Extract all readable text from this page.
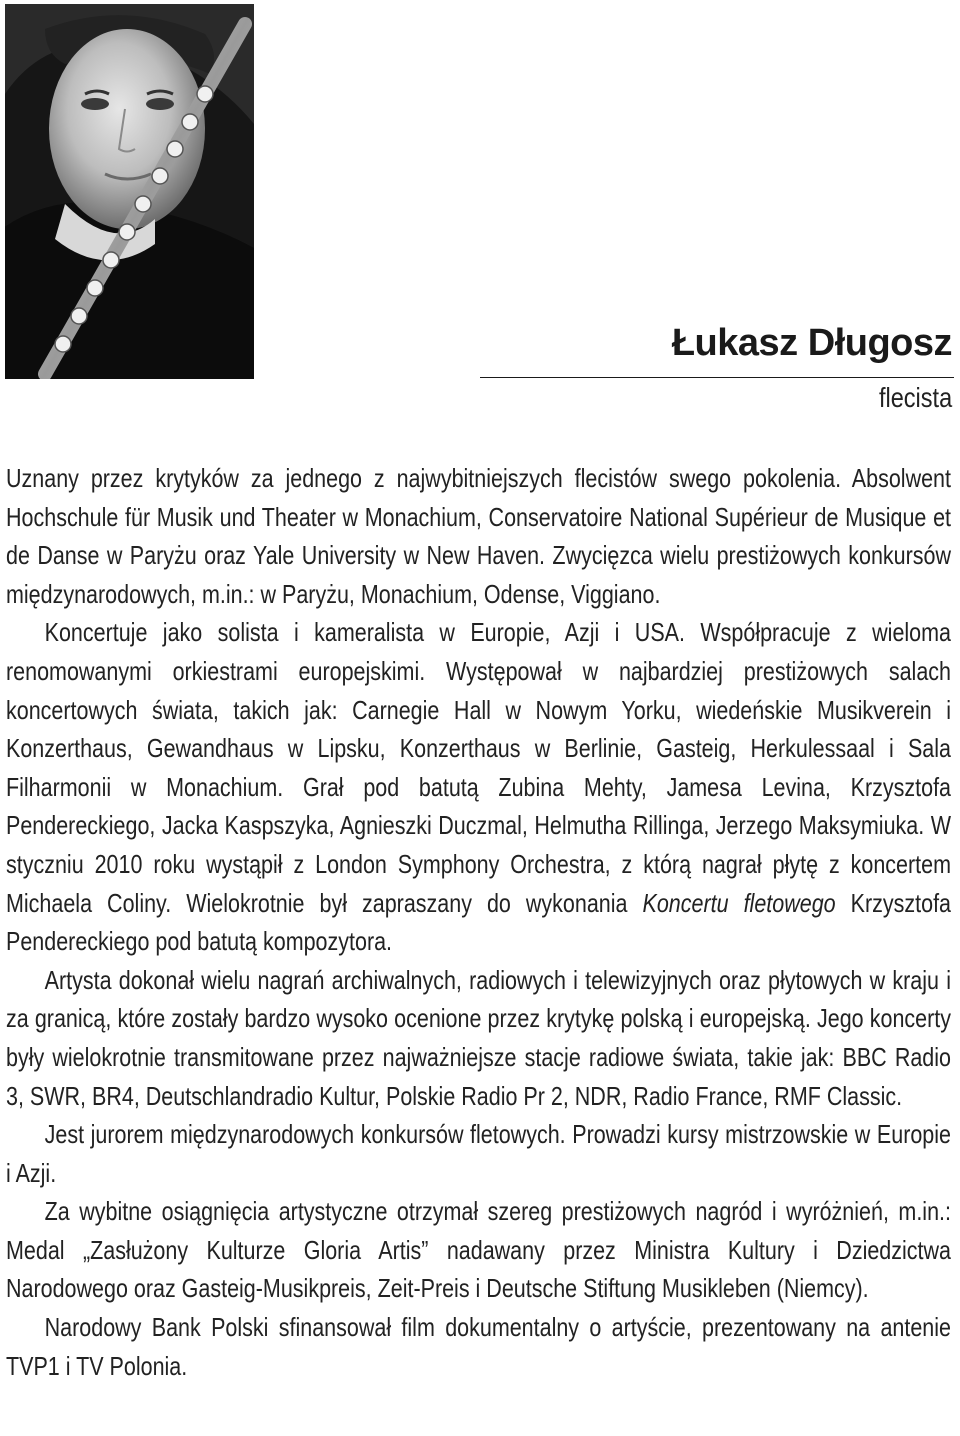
Łukasz Długosz
flecista

Uznany przez krytyków za jednego z najwybitniejszych flecistów swego pokolenia. Absolwent Hochschule für Musik und Theater w Monachium, Conservatoire National Supérieur de Musique et de Danse w Paryżu oraz Yale University w New Haven. Zwycięzca wielu prestiżowych konkursów międzynarodowych, m.in.: w Paryżu, Monachium, Odense, Viggiano.

Koncertuje jako solista i kameralista w Europie, Azji i USA. Współpracuje z wieloma renomowanymi orkiestrami europejskimi. Występował w najbardziej prestiżowych salach koncertowych świata, takich jak: Carnegie Hall w Nowym Yorku, wiedeńskie Musikverein i Konzerthaus, Gewandhaus w Lipsku, Konzerthaus w Berlinie, Gasteig, Herkulessaal i Sala Filharmonii w Monachium. Grał pod batutą Zubina Mehty, Jamesa Levina, Krzysztofa Pendereckiego, Jacka Kaspszyka, Agnieszki Duczmal, Helmutha Rillinga, Jerzego Maksymiuka. W styczniu 2010 roku wystąpił z London Symphony Orchestra, z którą nagrał płytę z koncertem Michaela Coliny. Wielokrotnie był zapraszany do wykonania Koncertu fletowego Krzysztofa Pendereckiego pod batutą kompozytora.

Artysta dokonał wielu nagrań archiwalnych, radiowych i telewizyjnych oraz płytowych w kraju i za granicą, które zostały bardzo wysoko ocenione przez krytykę polską i europejską. Jego koncerty były wielokrotnie transmitowane przez najważniejsze stacje radiowe świata, takie jak: BBC Radio 3, SWR, BR4, Deutschlandradio Kultur, Polskie Radio Pr 2, NDR, Radio France, RMF Classic.

Jest jurorem międzynarodowych konkursów fletowych. Prowadzi kursy mistrzowskie w Europie i Azji.

Za wybitne osiągnięcia artystyczne otrzymał szereg prestiżowych nagród i wyróżnień, m.in.: Medal „Zasłużony Kulturze Gloria Artis” nadawany przez Ministra Kultury i Dziedzictwa Narodowego oraz Gasteig-Musikpreis, Zeit-Preis i Deutsche Stiftung Musikleben (Niemcy).

Narodowy Bank Polski sfinansował film dokumentalny o artyście, prezentowany na antenie TVP1 i TV Polonia.
